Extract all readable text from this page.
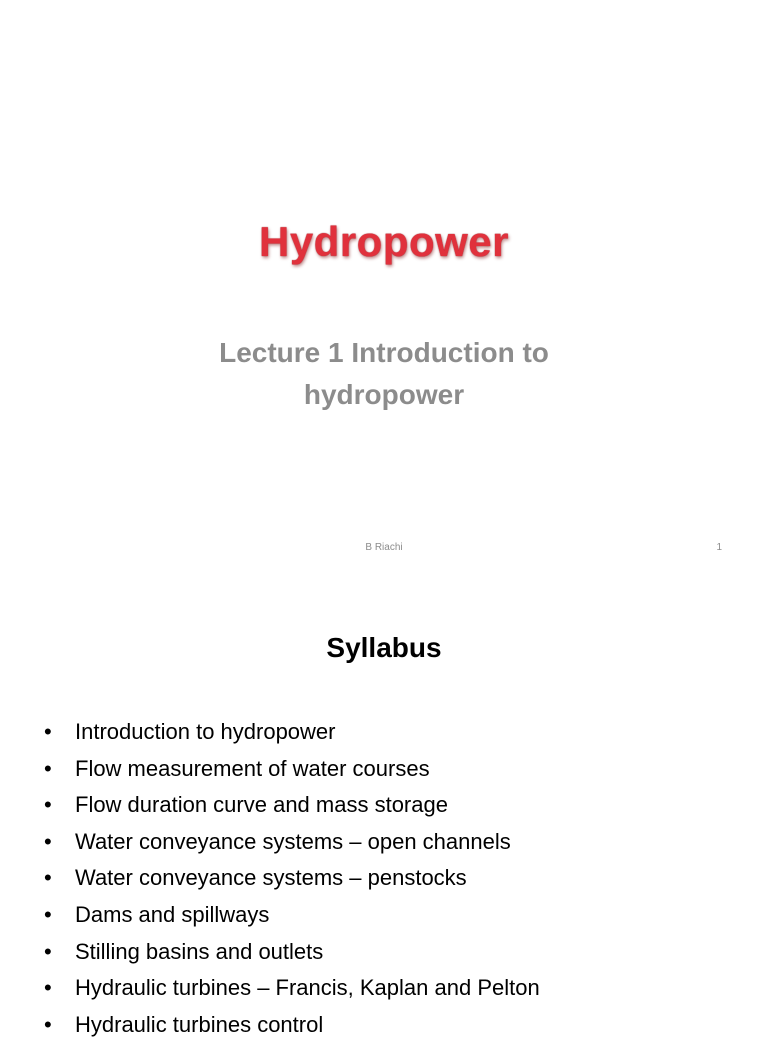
Hydropower
Lecture 1 Introduction to
hydropower
B Riachi	1
Syllabus
• Introduction to hydropower
• Flow measurement of water courses
• Flow duration curve and mass storage
• Water conveyance systems – open channels
• Water conveyance systems – penstocks
• Dams and spillways
• Stilling basins and outlets
• Hydraulic turbines – Francis, Kaplan and Pelton
• Hydraulic turbines control
